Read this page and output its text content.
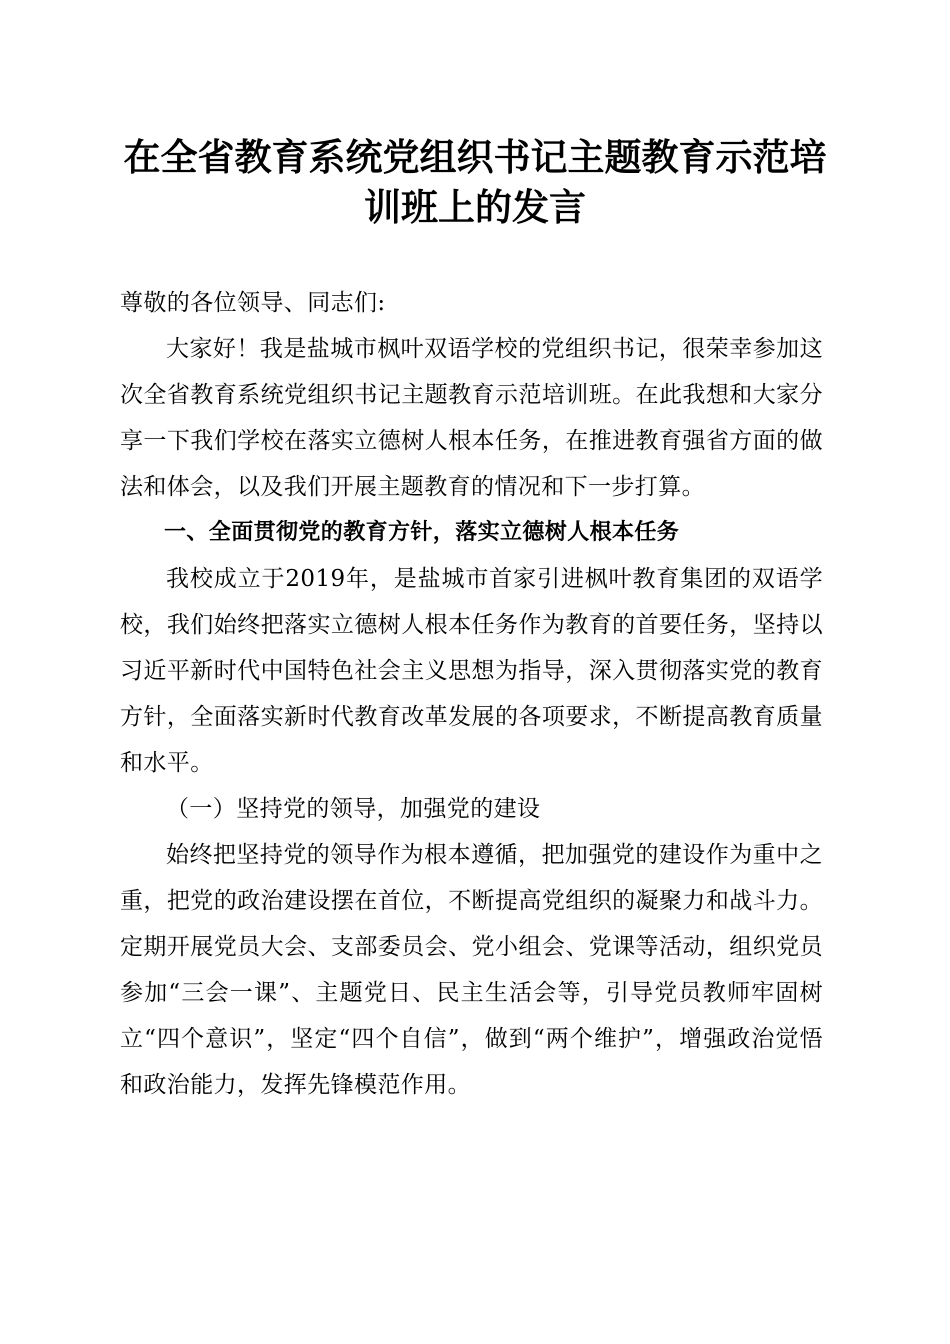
在全省教育系统党组织书记主题教育示范培训班上的发言

尊敬的各位领导、同志们:

大家好！我是盐城市枫叶双语学校的党组织书记，很荣幸参加这次全省教育系统党组织书记主题教育示范培训班。在此我想和大家分享一下我们学校在落实立德树人根本任务，在推进教育强省方面的做法和体会，以及我们开展主题教育的情况和下一步打算。

一、全面贯彻党的教育方针，落实立德树人根本任务

我校成立于2019年，是盐城市首家引进枫叶教育集团的双语学校，我们始终把落实立德树人根本任务作为教育的首要任务，坚持以习近平新时代中国特色社会主义思想为指导，深入贯彻落实党的教育方针，全面落实新时代教育改革发展的各项要求，不断提高教育质量和水平。

（一）坚持党的领导，加强党的建设

始终把坚持党的领导作为根本遵循，把加强党的建设作为重中之重，把党的政治建设摆在首位，不断提高党组织的凝聚力和战斗力。定期开展党员大会、支部委员会、党小组会、党课等活动，组织党员参加“三会一课”、主题党日、民主生活会等，引导党员教师牢固树立“四个意识”，坚定“四个自信”，做到“两个维护”，增强政治觉悟和政治能力，发挥先锋模范作用。
